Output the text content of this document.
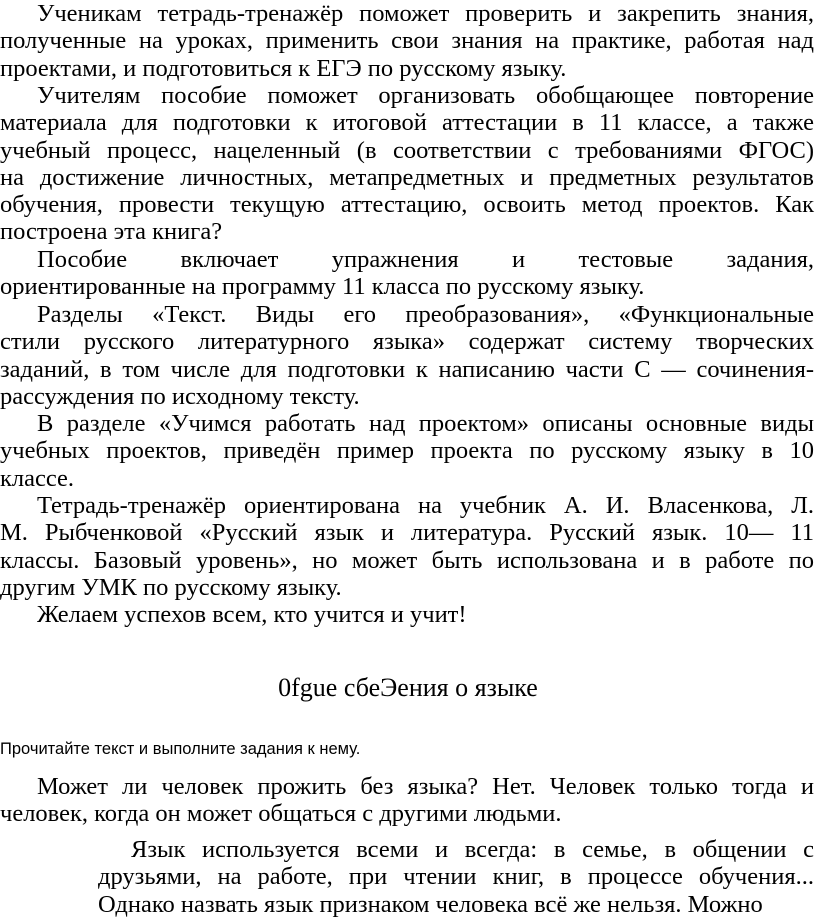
Ученикам тетрадь-тренажёр поможет проверить и закрепить знания,
полученные на уроках, применить свои знания на практике, работая над
проектами, и подготовиться к ЕГЭ по русскому языку.

Учителям пособие поможет организовать обобщающее повторение
материала для подготовки к итоговой аттестации в 11 классе, а также
учебный процесс, нацеленный (в соответствии с требованиями ФГОС)
на достижение личностных, метапредметных и предметных результатов
обучения, провести текущую аттестацию, освоить метод проектов. Как
построена эта книга?

Пособие включает упражнения и тестовые задания,
ориентированные на программу 11 класса по русскому языку.

Разделы «Текст. Виды его преобразования», «Функциональные
стили русского литературного языка» содержат систему творческих
заданий, в том числе для подготовки к написанию части С — сочинения-
рассуждения по исходному тексту.

В разделе «Учимся работать над проектом» описаны основные виды
учебных проектов, приведён пример проекта по русскому языку в 10
классе.

Тетрадь-тренажёр ориентирована на учебник А. И. Власенкова, Л.
М. Рыбченковой «Русский язык и литература. Русский язык. 10— 11
классы. Базовый уровень», но может быть использована и в работе по
другим УМК по русскому языку.

Желаем успехов всем, кто учится и учит!

0fgue сбеЭения о языке
Прочитайте текст и выполните задания к нему.

Может ли человек прожить без языка? Нет. Человек только тогда и
человек, когда он может общаться с другими людьми.

Язык используется всеми и всегда: в семье, в общении с
друзьями, на работе, при чтении книг, в процессе обучения...
Однако назвать язык признаком человека всё же нельзя. Можно
